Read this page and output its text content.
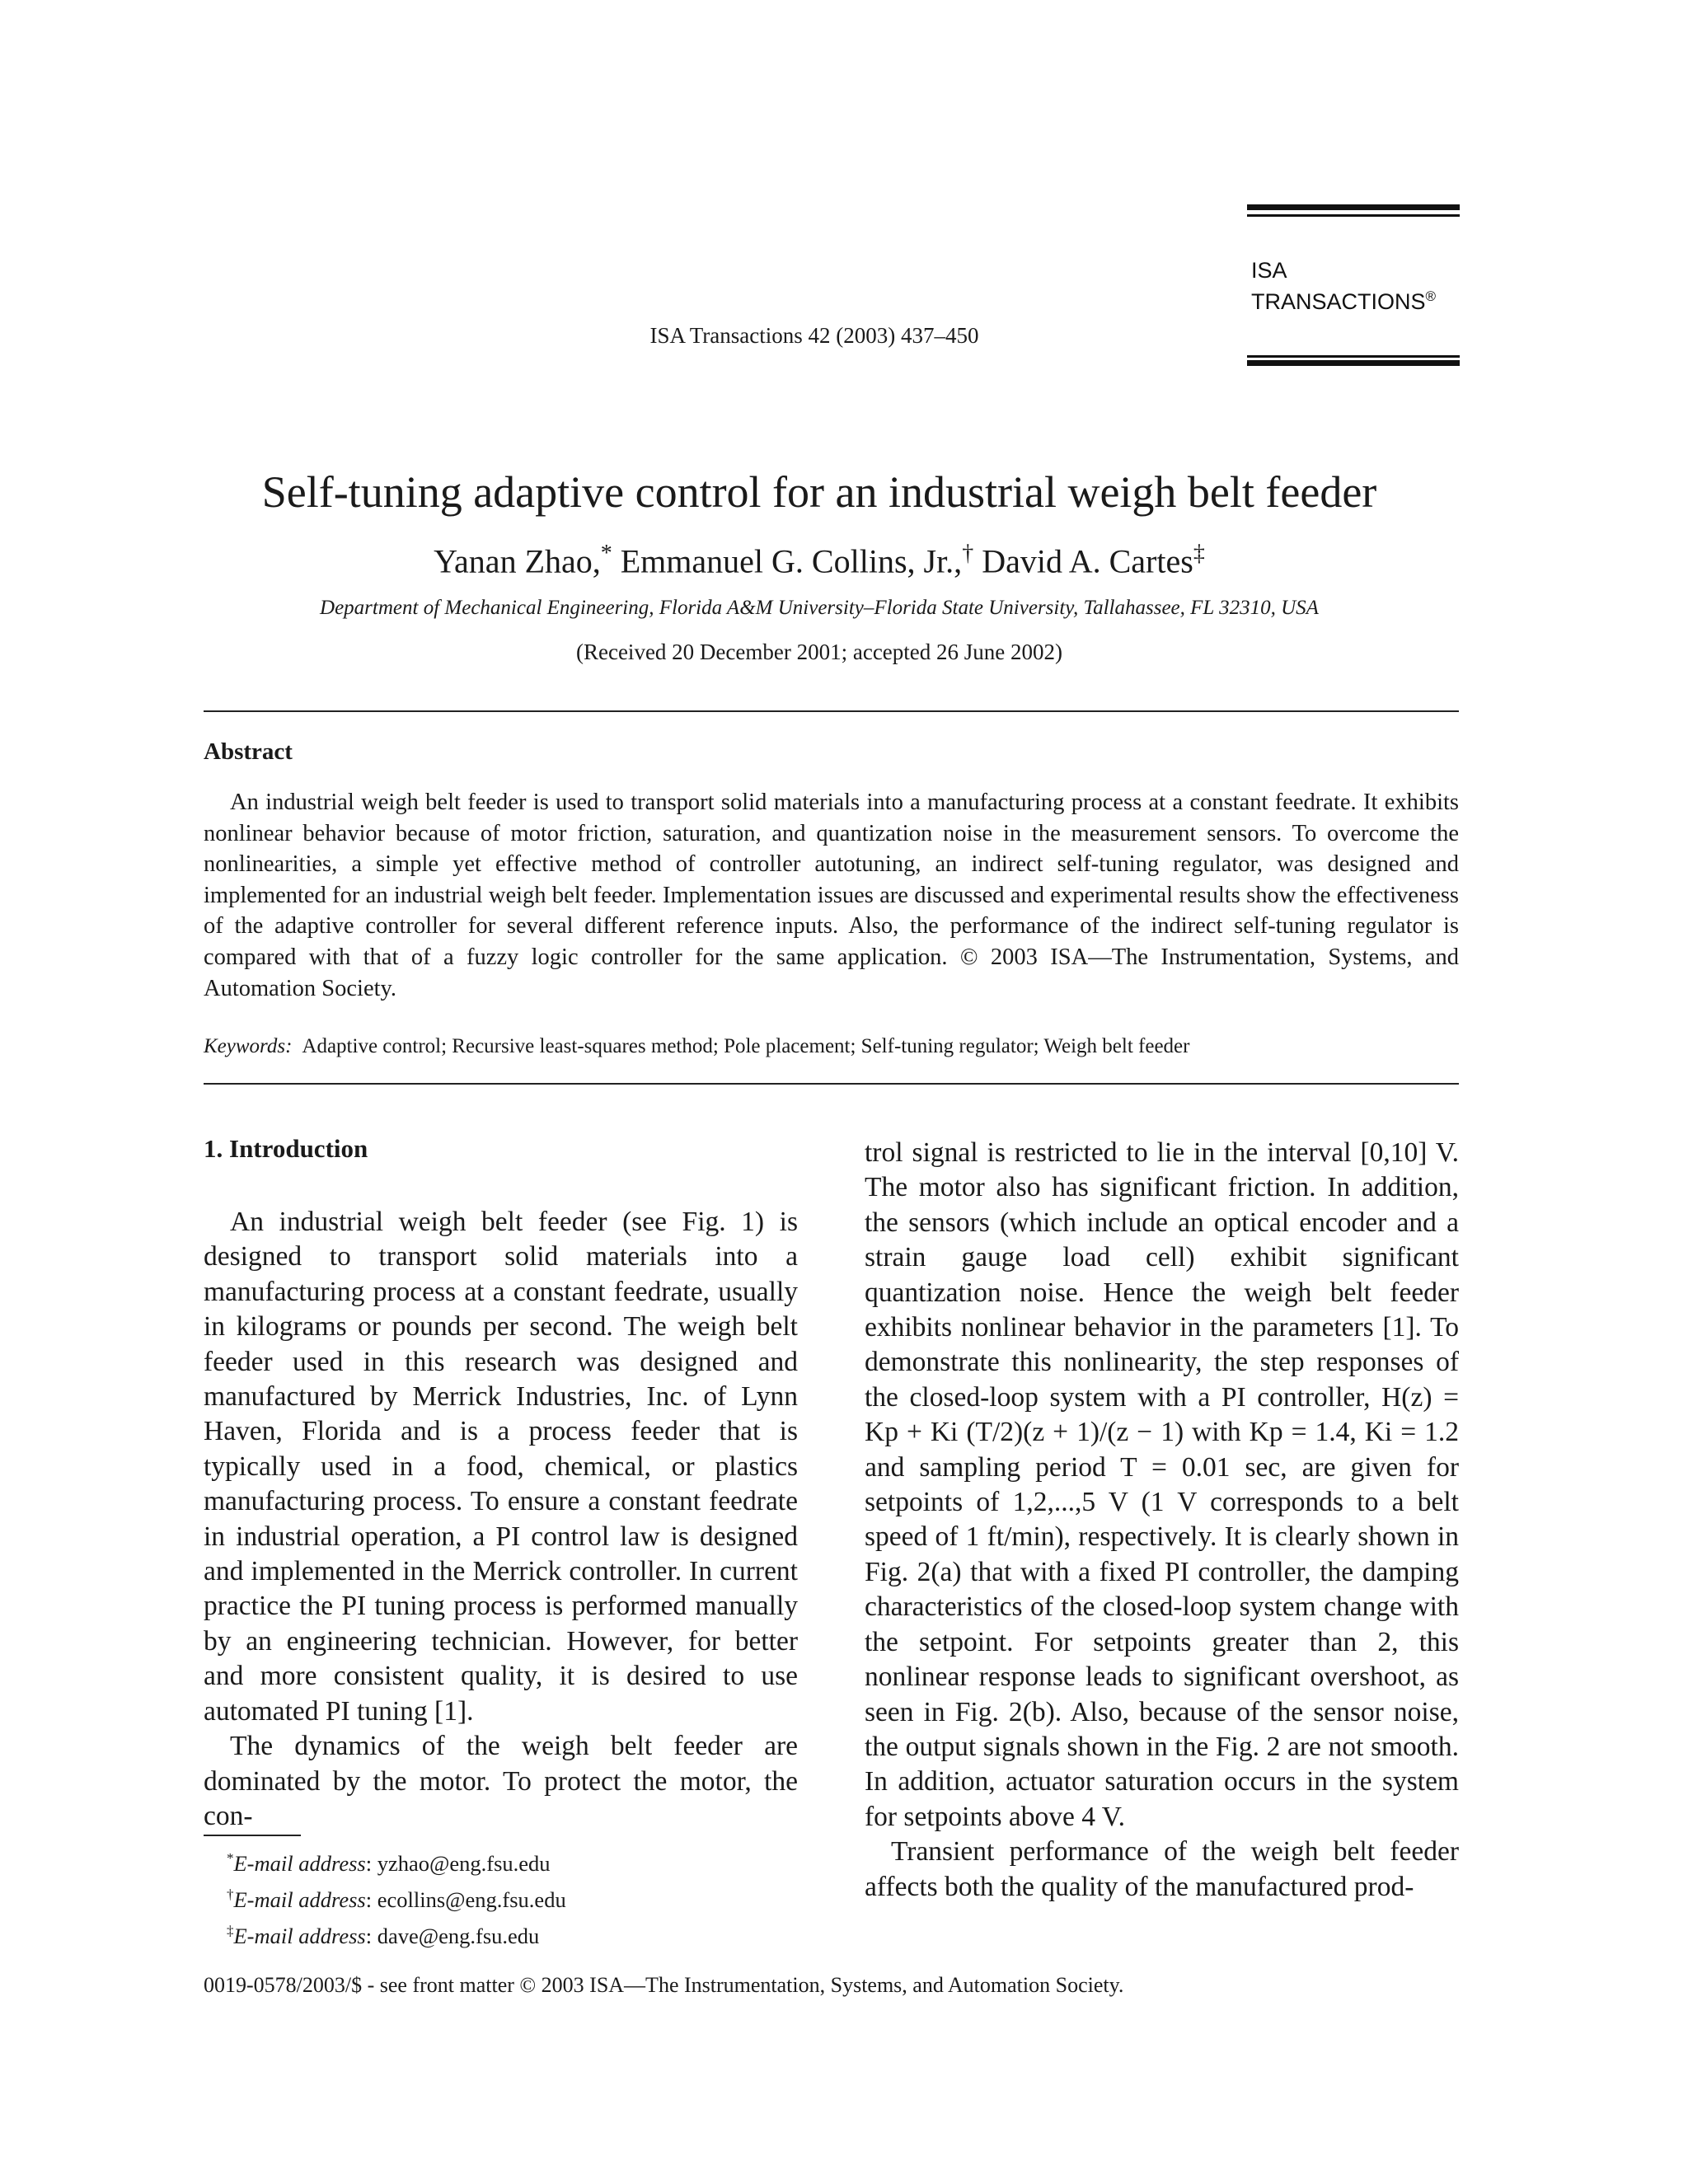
ISA Transactions 42 (2003) 437–450
ISA
TRANSACTIONS®
Self-tuning adaptive control for an industrial weigh belt feeder
Yanan Zhao,* Emmanuel G. Collins, Jr.,† David A. Cartes‡
Department of Mechanical Engineering, Florida A&M University–Florida State University, Tallahassee, FL 32310, USA
(Received 20 December 2001; accepted 26 June 2002)
Abstract
An industrial weigh belt feeder is used to transport solid materials into a manufacturing process at a constant feedrate. It exhibits nonlinear behavior because of motor friction, saturation, and quantization noise in the measurement sensors. To overcome the nonlinearities, a simple yet effective method of controller autotuning, an indirect self-tuning regulator, was designed and implemented for an industrial weigh belt feeder. Implementation issues are discussed and experimental results show the effectiveness of the adaptive controller for several different reference inputs. Also, the performance of the indirect self-tuning regulator is compared with that of a fuzzy logic controller for the same application. © 2003 ISA—The Instrumentation, Systems, and Automation Society.
Keywords: Adaptive control; Recursive least-squares method; Pole placement; Self-tuning regulator; Weigh belt feeder
1. Introduction

An industrial weigh belt feeder (see Fig. 1) is designed to transport solid materials into a manufacturing process at a constant feedrate, usually in kilograms or pounds per second. The weigh belt feeder used in this research was designed and manufactured by Merrick Industries, Inc. of Lynn Haven, Florida and is a process feeder that is typically used in a food, chemical, or plastics manufacturing process. To ensure a constant feedrate in industrial operation, a PI control law is designed and implemented in the Merrick controller. In current practice the PI tuning process is performed manually by an engineering technician. However, for better and more consistent quality, it is desired to use automated PI tuning [1].

The dynamics of the weigh belt feeder are dominated by the motor. To protect the motor, the con-

trol signal is restricted to lie in the interval [0,10] V. The motor also has significant friction. In addition, the sensors (which include an optical encoder and a strain gauge load cell) exhibit significant quantization noise. Hence the weigh belt feeder exhibits nonlinear behavior in the parameters [1]. To demonstrate this nonlinearity, the step responses of the closed-loop system with a PI controller, H(z) = Kp + Ki (T/2)(z + 1)/(z − 1) with Kp = 1.4, Ki = 1.2 and sampling period T = 0.01 sec, are given for setpoints of 1,2,...,5 V (1 V corresponds to a belt speed of 1 ft/min), respectively. It is clearly shown in Fig. 2(a) that with a fixed PI controller, the damping characteristics of the closed-loop system change with the setpoint. For setpoints greater than 2, this nonlinear response leads to significant overshoot, as seen in Fig. 2(b). Also, because of the sensor noise, the output signals shown in the Fig. 2 are not smooth. In addition, actuator saturation occurs in the system for setpoints above 4 V.

Transient performance of the weigh belt feeder affects both the quality of the manufactured prod-

*E-mail address: yzhao@eng.fsu.edu
†E-mail address: ecollins@eng.fsu.edu
‡E-mail address: dave@eng.fsu.edu
0019-0578/2003/$ - see front matter © 2003 ISA—The Instrumentation, Systems, and Automation Society.
